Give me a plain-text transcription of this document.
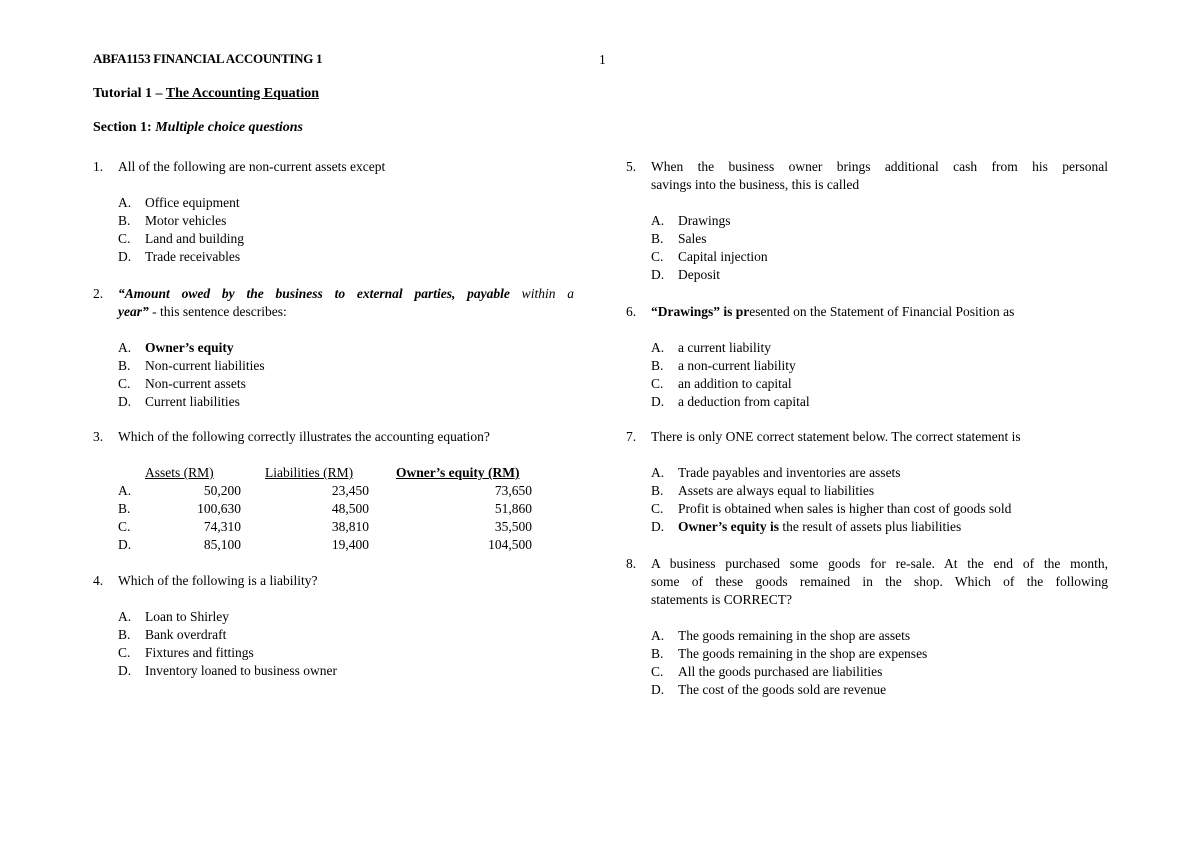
ABFA1153 FINANCIAL ACCOUNTING 1	1
Tutorial 1 – The Accounting Equation
Section 1: Multiple choice questions
1. All of the following are non-current assets except
A. Office equipment
B. Motor vehicles
C. Land and building
D. Trade receivables
2. “Amount owed by the business to external parties, payable within a
year” - this sentence describes:
A. Owner’s equity
B. Non-current liabilities
C. Non-current assets
D. Current liabilities
3. Which of the following correctly illustrates the accounting equation?
	Assets (RM)	Liabilities (RM)	Owner’s equity (RM)
A.	50,200	23,450	73,650
B.	100,630	48,500	51,860
C.	74,310	38,810	35,500
D.	85,100	19,400	104,500
4. Which of the following is a liability?
A. Loan to Shirley
B. Bank overdraft
C. Fixtures and fittings
D. Inventory loaned to business owner
5. When the business owner brings additional cash from his personal
savings into the business, this is called
A. Drawings
B. Sales
C. Capital injection
D. Deposit
6. “Drawings” is presented on the Statement of Financial Position as
A. a current liability
B. a non-current liability
C. an addition to capital
D. a deduction from capital
7. There is only ONE correct statement below. The correct statement is
A. Trade payables and inventories are assets
B. Assets are always equal to liabilities
C. Profit is obtained when sales is higher than cost of goods sold
D. Owner’s equity is the result of assets plus liabilities
8. A business purchased some goods for re-sale. At the end of the month,
some of these goods remained in the shop. Which of the following
statements is CORRECT?
A. The goods remaining in the shop are assets
B. The goods remaining in the shop are expenses
C. All the goods purchased are liabilities
D. The cost of the goods sold are revenue
